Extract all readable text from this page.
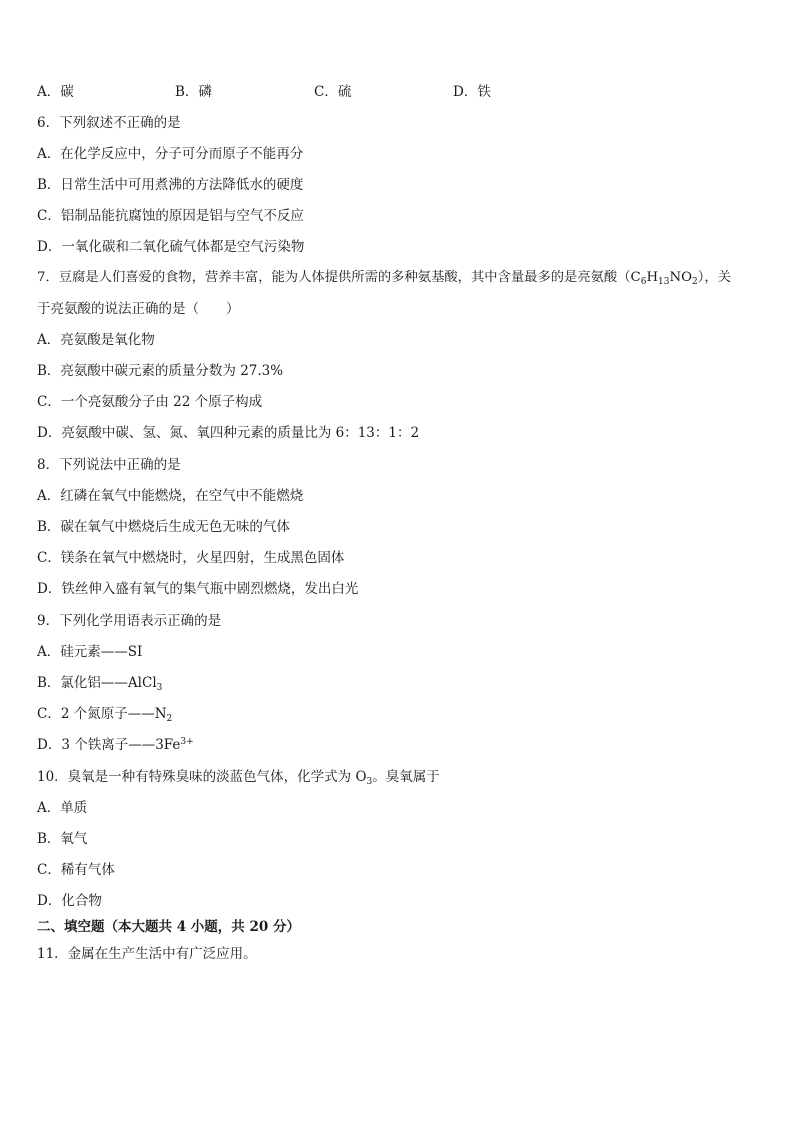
A．碳	B．磷	C．硫	D．铁
6．下列叙述不正确的是
A．在化学反应中，分子可分而原子不能再分
B．日常生活中可用煮沸的方法降低水的硬度
C．铝制品能抗腐蚀的原因是铝与空气不反应
D．一氧化碳和二氧化硫气体都是空气污染物
7．豆腐是人们喜爱的食物，营养丰富，能为人体提供所需的多种氨基酸，其中含量最多的是亮氨酸$(C_6H_{13}NO_2)$，关
于亮氨酸的说法正确的是（　　）
A．亮氨酸是氧化物
B．亮氨酸中碳元素的质量分数为 27.3%
C．一个亮氨酸分子由 22 个原子构成
D．亮氨酸中碳、氢、氮、氧四种元素的质量比为 6：13：1：2
8．下列说法中正确的是
A．红磷在氧气中能燃烧，在空气中不能燃烧
B．碳在氧气中燃烧后生成无色无味的气体
C．镁条在氧气中燃烧时，火星四射，生成黑色固体
D．铁丝伸入盛有氧气的集气瓶中剧烈燃烧，发出白光
9．下列化学用语表示正确的是
A．硅元素——SI
B．氯化铝——AlCl$_3$
C．2 个氮原子$——N_2$
D．3 个铁离子$——3Fe^{3+}$
10．臭氧是一种有特殊臭味的淡蓝色气体，化学式为 $O_3$。臭氧属于
A．单质
B．氧气
C．稀有气体
D．化合物
二、填空题（本大题共 4 小题，共 20 分）
11．金属在生产生活中有广泛应用。
